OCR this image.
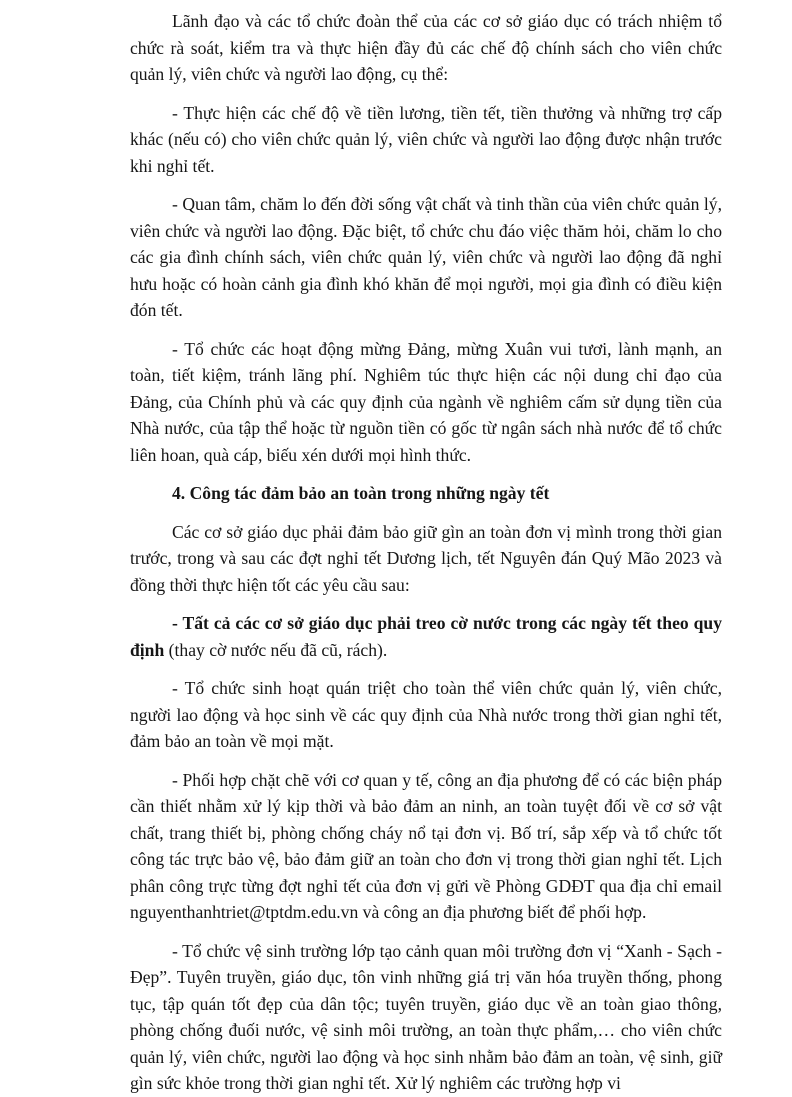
Lãnh đạo và các tổ chức đoàn thể của các cơ sở giáo dục có trách nhiệm tổ chức rà soát, kiểm tra và thực hiện đầy đủ các chế độ chính sách cho viên chức quản lý, viên chức và người lao động, cụ thể:

- Thực hiện các chế độ về tiền lương, tiền tết, tiền thưởng và những trợ cấp khác (nếu có) cho viên chức quản lý, viên chức và người lao động được nhận trước khi nghỉ tết.

- Quan tâm, chăm lo đến đời sống vật chất và tinh thần của viên chức quản lý, viên chức và người lao động. Đặc biệt, tổ chức chu đáo việc thăm hỏi, chăm lo cho các gia đình chính sách, viên chức quản lý, viên chức và người lao động đã nghỉ hưu hoặc có hoàn cảnh gia đình khó khăn để mọi người, mọi gia đình có điều kiện đón tết.

- Tổ chức các hoạt động mừng Đảng, mừng Xuân vui tươi, lành mạnh, an toàn, tiết kiệm, tránh lãng phí. Nghiêm túc thực hiện các nội dung chỉ đạo của Đảng, của Chính phủ và các quy định của ngành về nghiêm cấm sử dụng tiền của Nhà nước, của tập thể hoặc từ nguồn tiền có gốc từ ngân sách nhà nước để tổ chức liên hoan, quà cáp, biếu xén dưới mọi hình thức.

4. Công tác đảm bảo an toàn trong những ngày tết

Các cơ sở giáo dục phải đảm bảo giữ gìn an toàn đơn vị mình trong thời gian trước, trong và sau các đợt nghỉ tết Dương lịch, tết Nguyên đán Quý Mão 2023 và đồng thời thực hiện tốt các yêu cầu sau:

- Tất cả các cơ sở giáo dục phải treo cờ nước trong các ngày tết theo quy định (thay cờ nước nếu đã cũ, rách).

- Tổ chức sinh hoạt quán triệt cho toàn thể viên chức quản lý, viên chức, người lao động và học sinh về các quy định của Nhà nước trong thời gian nghỉ tết, đảm bảo an toàn về mọi mặt.

- Phối hợp chặt chẽ với cơ quan y tế, công an địa phương để có các biện pháp cần thiết nhằm xử lý kịp thời và bảo đảm an ninh, an toàn tuyệt đối về cơ sở vật chất, trang thiết bị, phòng chống cháy nổ tại đơn vị. Bố trí, sắp xếp và tổ chức tốt công tác trực bảo vệ, bảo đảm giữ an toàn cho đơn vị trong thời gian nghỉ tết. Lịch phân công trực từng đợt nghỉ tết của đơn vị gửi về Phòng GDĐT qua địa chỉ email nguyenthanhtriet@tptdm.edu.vn và công an địa phương biết để phối hợp.

- Tổ chức vệ sinh trường lớp tạo cảnh quan môi trường đơn vị “Xanh - Sạch - Đẹp”. Tuyên truyền, giáo dục, tôn vinh những giá trị văn hóa truyền thống, phong tục, tập quán tốt đẹp của dân tộc; tuyên truyền, giáo dục về an toàn giao thông, phòng chống đuối nước, vệ sinh môi trường, an toàn thực phẩm,… cho viên chức quản lý, viên chức, người lao động và học sinh nhằm bảo đảm an toàn, vệ sinh, giữ gìn sức khỏe trong thời gian nghỉ tết. Xử lý nghiêm các trường hợp vi
